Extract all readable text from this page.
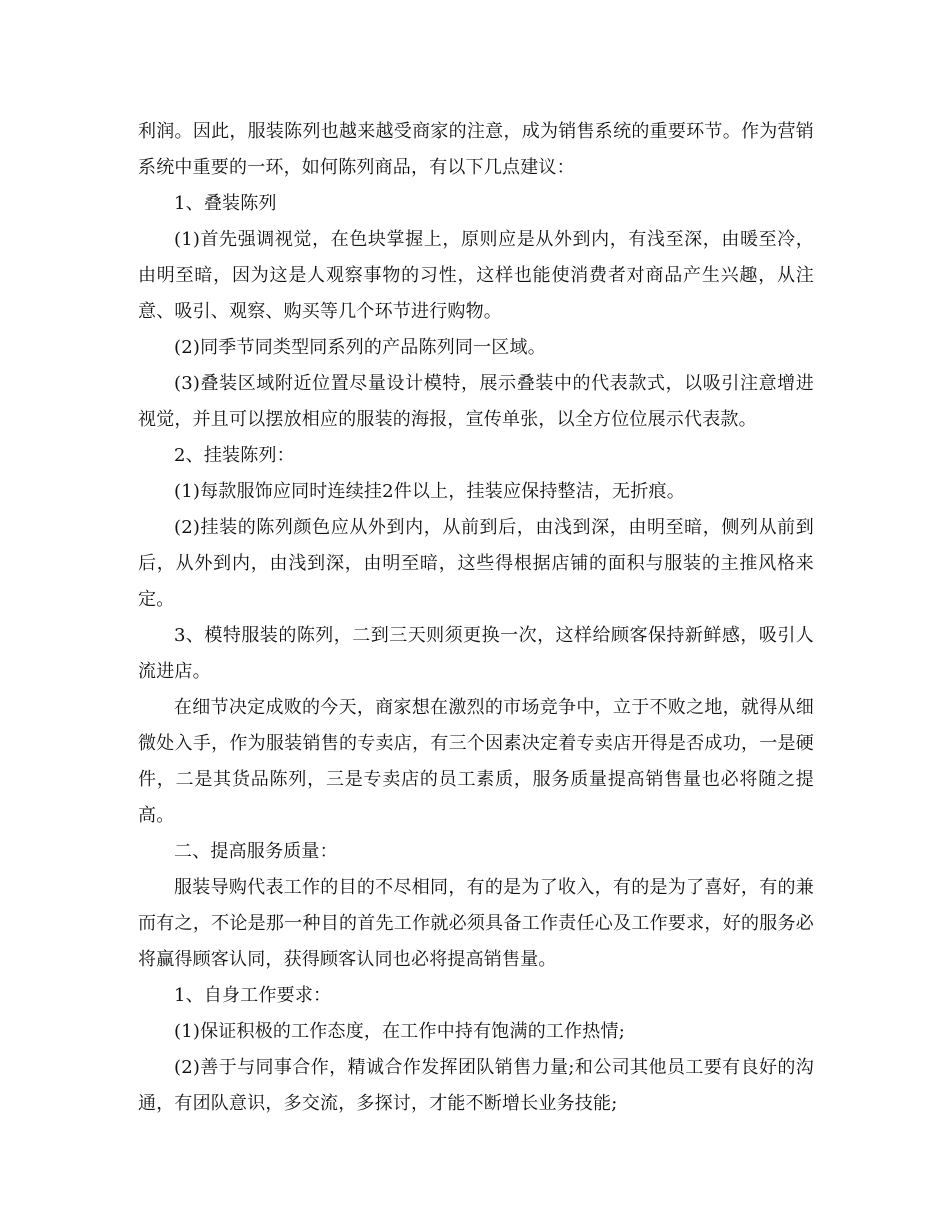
利润。因此，服装陈列也越来越受商家的注意，成为销售系统的重要环节。作为营销系统中重要的一环，如何陈列商品，有以下几点建议：

1、叠装陈列

(1)首先强调视觉，在色块掌握上，原则应是从外到内，有浅至深，由暖至冷，由明至暗，因为这是人观察事物的习性，这样也能使消费者对商品产生兴趣，从注意、吸引、观察、购买等几个环节进行购物。

(2)同季节同类型同系列的产品陈列同一区域。

(3)叠装区域附近位置尽量设计模特，展示叠装中的代表款式，以吸引注意增进视觉，并且可以摆放相应的服装的海报，宣传单张，以全方位位展示代表款。

2、挂装陈列：

(1)每款服饰应同时连续挂2件以上，挂装应保持整洁，无折痕。

(2)挂装的陈列颜色应从外到内，从前到后，由浅到深，由明至暗，侧列从前到后，从外到内，由浅到深，由明至暗，这些得根据店铺的面积与服装的主推风格来定。

3、模特服装的陈列，二到三天则须更换一次，这样给顾客保持新鲜感，吸引人流进店。

在细节决定成败的今天，商家想在激烈的市场竞争中，立于不败之地，就得从细微处入手，作为服装销售的专卖店，有三个因素决定着专卖店开得是否成功，一是硬件，二是其货品陈列，三是专卖店的员工素质，服务质量提高销售量也必将随之提高。

二、提高服务质量：

服装导购代表工作的目的不尽相同，有的是为了收入，有的是为了喜好，有的兼而有之，不论是那一种目的首先工作就必须具备工作责任心及工作要求，好的服务必将赢得顾客认同，获得顾客认同也必将提高销售量。

1、自身工作要求：

(1)保证积极的工作态度，在工作中持有饱满的工作热情;

(2)善于与同事合作，精诚合作发挥团队销售力量;和公司其他员工要有良好的沟通，有团队意识，多交流，多探讨，才能不断增长业务技能;
